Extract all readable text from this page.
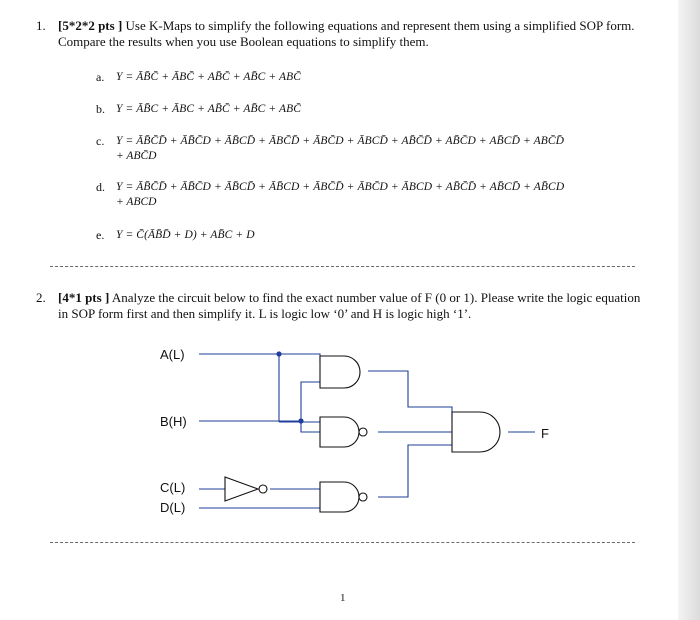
1. [5*2*2 pts ] Use K-Maps to simplify the following equations and represent them using a simplified SOP form. Compare the results when you use Boolean equations to simplify them.
a.	Y = ĀB̄C̄ + ĀBC̄ + AB̄C̄ + AB̄C + ABC̄
b. Y = ĀB̄C + ĀBC + AB̄C̄ + AB̄C + ABC̄
c.	Y = ĀB̄C̄D̄ + ĀB̄C̄D + ĀB̄CD̄ + ĀBC̄D̄ + ĀBC̄D + ĀBCD̄ + AB̄C̄D̄ + AB̄C̄D + AB̄CD̄ + ABC̄D̄
+ ABC̄D
d. Y = ĀB̄C̄D̄ + ĀB̄C̄D + ĀB̄CD̄ + ĀB̄CD + ĀBC̄D̄ + ĀBC̄D + ĀBCD + AB̄C̄D̄ + AB̄CD̄ + AB̄CD
+ ABCD
e.	Y = C̄(ĀB̄D̄ + D) + AB̄C + D
2. [4*1 pts ] Analyze the circuit below to find the exact number value of F (0 or 1). Please write the logic equation in SOP form first and then simplify it. L is logic low ‘0’ and H is logic high ‘1’.
A(L)
B(H)
C(L)
D(L)
F
1
